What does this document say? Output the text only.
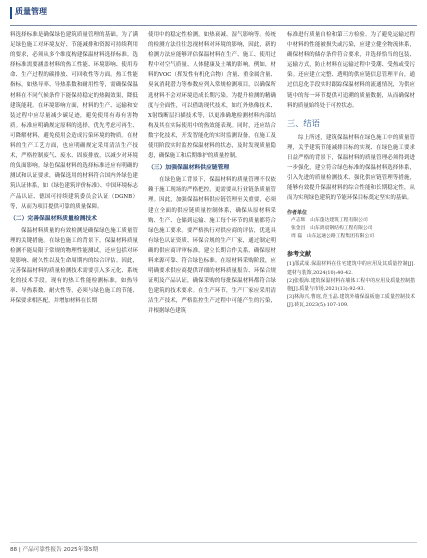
质量管理

料选择标准是确保绿色建筑质量管理的基础。为了满足绿色施工对环境友好、节能减排和资源可持续利用的要求，必须从多个维度构建保温材料选择标准。选择标准需要涵盖材料的热工性能、环境影响、使用寿命、生产过程的碳排放、可回收性等方面。热工性能指标，如热导率、导热系数和耐用性等，需确保保温材料在不同气候条件下能保持稳定的热隔效果，降低建筑能耗。在环境影响方面，材料的生产、运输和安装过程中应尽量减少碳足迹，避免使用有毒有害物质。标准应明确规定原料的选择，优先考虑可再生、可降解材料，避免使用会造成污染环境的物质。在材料的生产工艺方面，也应明确规定采用清洁生产技术，严格控制废气、废水、固废排放，以减少对环境的负面影响。绿色保温材料的选择标准还应有明确的测试和认证要求，确保选用的材料符合国内外绿色建筑认证体系，如《绿色建筑评价标准》、中国环境标志产品认证、德国可持续建筑委员会认证（DGNB）等，从而为项目提供可靠的质量保障。

（二）完善保温材料质量检测技术

保温材料质量的有效检测是确保绿色施工质量管理的关键措施。在绿色施工的背景下，保温材料质量检测不能局限于常规的物理性能测试，还应包括对环境影响、耐久性以及生命周期内的综合评估。因此，完善保温材料的质量检测技术需要引入多元化、系统化的技术手段。现有的热工性能检测标准，如热导率、导热系数、耐火性等，必须与绿色施工的节能、环保要求相匹配，并增加材料在长期

使用中的稳定性检测，如热衰减、湿气影响等。传统的检测方法往往忽视材料对环境的影响，因此，新的检测方法应能够评估保温材料在生产、施工、使用过程中对空气质量、人体健康及土壤的影响。例如，材料的VOC（挥发性有机化合物）含量、重金属含量、臭氧消耗潜力等参数应列入常规检测项目，以确保所选材料不会对环境造成长期污染。为提升检测的精确度与全面性，可以借助现代技术，如红外热像技术、X射线断层扫描技术等，以更准确地检测材料内部结构及其在实际使用中的热效能表现。同时，还应结合数字化技术，开发智能化的实时监测设备，在施工及使用阶段实时监控保温材料的状态，及时发现质量隐患，确保施工和后期维护的质量控制。

（三）加强保温材料供应链管理

在绿色施工背景下，保温材料的质量管理不仅依赖于施工现场的严格把控，更需要从行业链条质量管理。因此，加强保温材料供应链管理至关重要，必须建立全面的供应链质量控制体系，确保从原材料采购、生产、仓储到运输、施工每个环节的质量都符合绿色施工要求。要严格执行对供应商的评估，优选具有绿色认证资质、环保合规的生产厂家，通过制定明确的供应商评审标准，建立长期合作关系，确保原材料来源可靠、符合绿色标准。在原材料采购阶段，应明确要求供应商提供详细的材料质量报告、环保合规证明及产品认证，确保采购的每批保温材料都符合绿色建筑的技术要求。在生产环节，生产厂家应采用清洁生产技术，严格监控生产过程中可能产生的污染，并根据绿色建筑

标准进行质量自检和第三方检验。为了避免运输过程中材料的性能被损失或污染，应建立健全物流体系，确保材料的储存条件符合要求，并选择恰当的包装、运输方式，防止材料在运输过程中受潮、受热或受污染。还应建立完整、透明的供应链信息管理平台，通过信息化手段实时跟踪保温材料的流通情况，为供应链中的每一环节提供可追溯的质量数据，从而确保材料的质量始终处于可控状态。

三、结语

综上所述，建筑保温材料在绿色施工中的质量管理，关乎建筑节能减排目标的实现、在绿色施工要求日益严格的背景下，保温材料的质量管理必须得到进一步强化，建立符合绿色标准的保温材料选择体系，引入先进的质量检测技术、强化供应链管理等措施，能够有效提升保温材料的综合性能和长期稳定性，从而为实现绿色建筑的节能环保目标奠定坚实的基础。

作者单位
卢志辉　山东蓬达建筑工程有限公司
张金昌　山东鸿宸钢结构工程有限公司
周 磊　山东远通公路工程集团有限公司
参考文献
[1]邵武成.保温材料在住宅建筑中的应用及其质量控制[J].建材与装饰,2024(10):40-42.
[2]张根海.建筑保温材料在墙体工程中的应用及质量控制措施[J].质量与市场,2021(13):92-93.
[3]林海兴,曹庭,范玉晶.建筑外墙保温板施工质量控制技术[J].砖瓦,2023(5):107-109.
88 | 产品可靠性报告 2025年第5期
